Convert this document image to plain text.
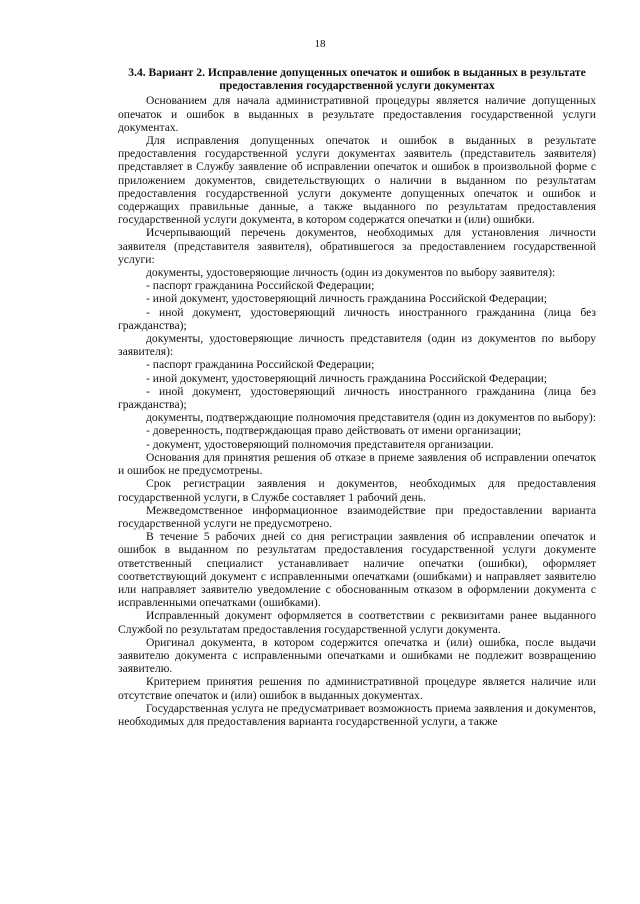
18
3.4. Вариант 2. Исправление допущенных опечаток и ошибок в выданных в результате предоставления государственной услуги документах

Основанием для начала административной процедуры является наличие допущенных опечаток и ошибок в выданных в результате предоставления государственной услуги документах.

Для исправления допущенных опечаток и ошибок в выданных в результате предоставления государственной услуги документах заявитель (представитель заявителя) представляет в Службу заявление об исправлении опечаток и ошибок в произвольной форме с приложением документов, свидетельствующих о наличии в выданном по результатам предоставления государственной услуги документе допущенных опечаток и ошибок и содержащих правильные данные, а также выданного по результатам предоставления государственной услуги документа, в котором содержатся опечатки и (или) ошибки.

Исчерпывающий перечень документов, необходимых для установления личности заявителя (представителя заявителя), обратившегося за предоставлением государственной услуги:

документы, удостоверяющие личность (один из документов по выбору заявителя):

- паспорт гражданина Российской Федерации;

- иной документ, удостоверяющий личность гражданина Российской Федерации;

- иной документ, удостоверяющий личность иностранного гражданина (лица без гражданства);

документы, удостоверяющие личность представителя (один из документов по выбору заявителя):

- паспорт гражданина Российской Федерации;

- иной документ, удостоверяющий личность гражданина Российской Федерации;

- иной документ, удостоверяющий личность иностранного гражданина (лица без гражданства);

документы, подтверждающие полномочия представителя (один из документов по выбору):

- доверенность, подтверждающая право действовать от имени организации;

- документ, удостоверяющий полномочия представителя организации.

Основания для принятия решения об отказе в приеме заявления об исправлении опечаток и ошибок не предусмотрены.

Срок регистрации заявления и документов, необходимых для предоставления государственной услуги, в Службе составляет 1 рабочий день.

Межведомственное информационное взаимодействие при предоставлении варианта государственной услуги не предусмотрено.

В течение 5 рабочих дней со дня регистрации заявления об исправлении опечаток и ошибок в выданном по результатам предоставления государственной услуги документе ответственный специалист устанавливает наличие опечатки (ошибки), оформляет соответствующий документ с исправленными опечатками (ошибками) и направляет заявителю или направляет заявителю уведомление с обоснованным отказом в оформлении документа с исправленными опечатками (ошибками).

Исправленный документ оформляется в соответствии с реквизитами ранее выданного Службой по результатам предоставления государственной услуги документа.

Оригинал документа, в котором содержится опечатка и (или) ошибка, после выдачи заявителю документа с исправленными опечатками и ошибками не подлежит возвращению заявителю.

Критерием принятия решения по административной процедуре является наличие или отсутствие опечаток и (или) ошибок в выданных документах.

Государственная услуга не предусматривает возможность приема заявления и документов, необходимых для предоставления варианта государственной услуги, а также
